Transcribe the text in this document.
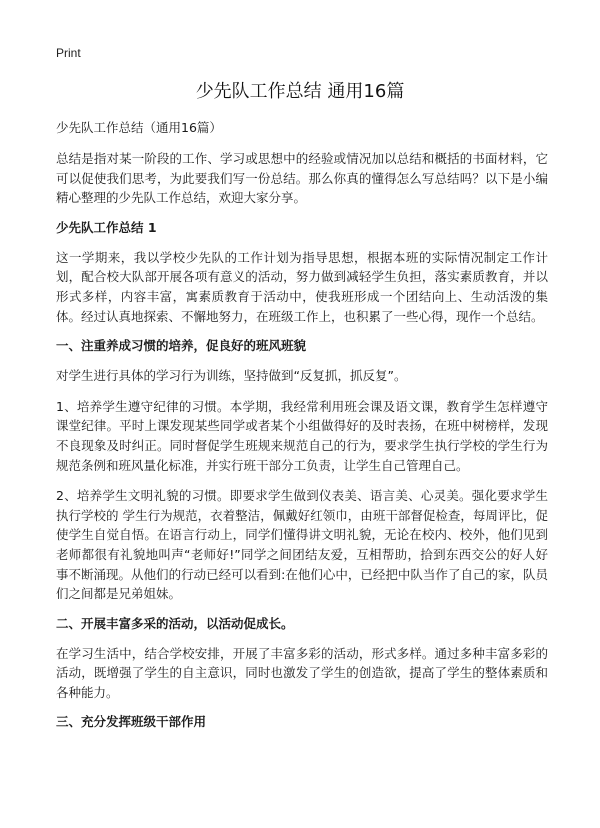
Print
少先队工作总结 通用16篇
少先队工作总结（通用16篇）

总结是指对某一阶段的工作、学习或思想中的经验或情况加以总结和概括的书面材料，它可以促使我们思考，为此要我们写一份总结。那么你真的懂得怎么写总结吗？以下是小编精心整理的少先队工作总结，欢迎大家分享。

少先队工作总结 1

这一学期来，我以学校少先队的工作计划为指导思想，根据本班的实际情况制定工作计划，配合校大队部开展各项有意义的活动，努力做到减轻学生负担，落实素质教育，并以形式多样，内容丰富，寓素质教育于活动中，使我班形成一个团结向上、生动活泼的集体。经过认真地探索、不懈地努力，在班级工作上，也积累了一些心得，现作一个总结。

一、注重养成习惯的培养，促良好的班风班貌

对学生进行具体的学习行为训练，坚持做到“反复抓，抓反复”。

1、培养学生遵守纪律的习惯。本学期，我经常利用班会课及语文课，教育学生怎样遵守课堂纪律。平时上课发现某些同学或者某个小组做得好的及时表扬，在班中树榜样，发现不良现象及时纠正。同时督促学生班规来规范自己的行为，要求学生执行学校的学生行为规范条例和班风量化标准，并实行班干部分工负责，让学生自己管理自己。

2、培养学生文明礼貌的习惯。即要求学生做到仪表美、语言美、心灵美。强化要求学生执行学校的 学生行为规范，衣着整洁，佩戴好红领巾，由班干部督促检查，每周评比，促使学生自觉自悟。在语言行动上，同学们懂得讲文明礼貌，无论在校内、校外，他们见到老师都很有礼貌地叫声“老师好!”同学之间团结友爱，互相帮助，拾到东西交公的好人好事不断涌现。从他们的行动已经可以看到:在他们心中，已经把中队当作了自己的家，队员们之间都是兄弟姐妹。

二、开展丰富多采的活动，以活动促成长。

在学习生活中，结合学校安排，开展了丰富多彩的活动，形式多样。通过多种丰富多彩的活动，既增强了学生的自主意识，同时也激发了学生的创造欲，提高了学生的整体素质和各种能力。

三、充分发挥班级干部作用
